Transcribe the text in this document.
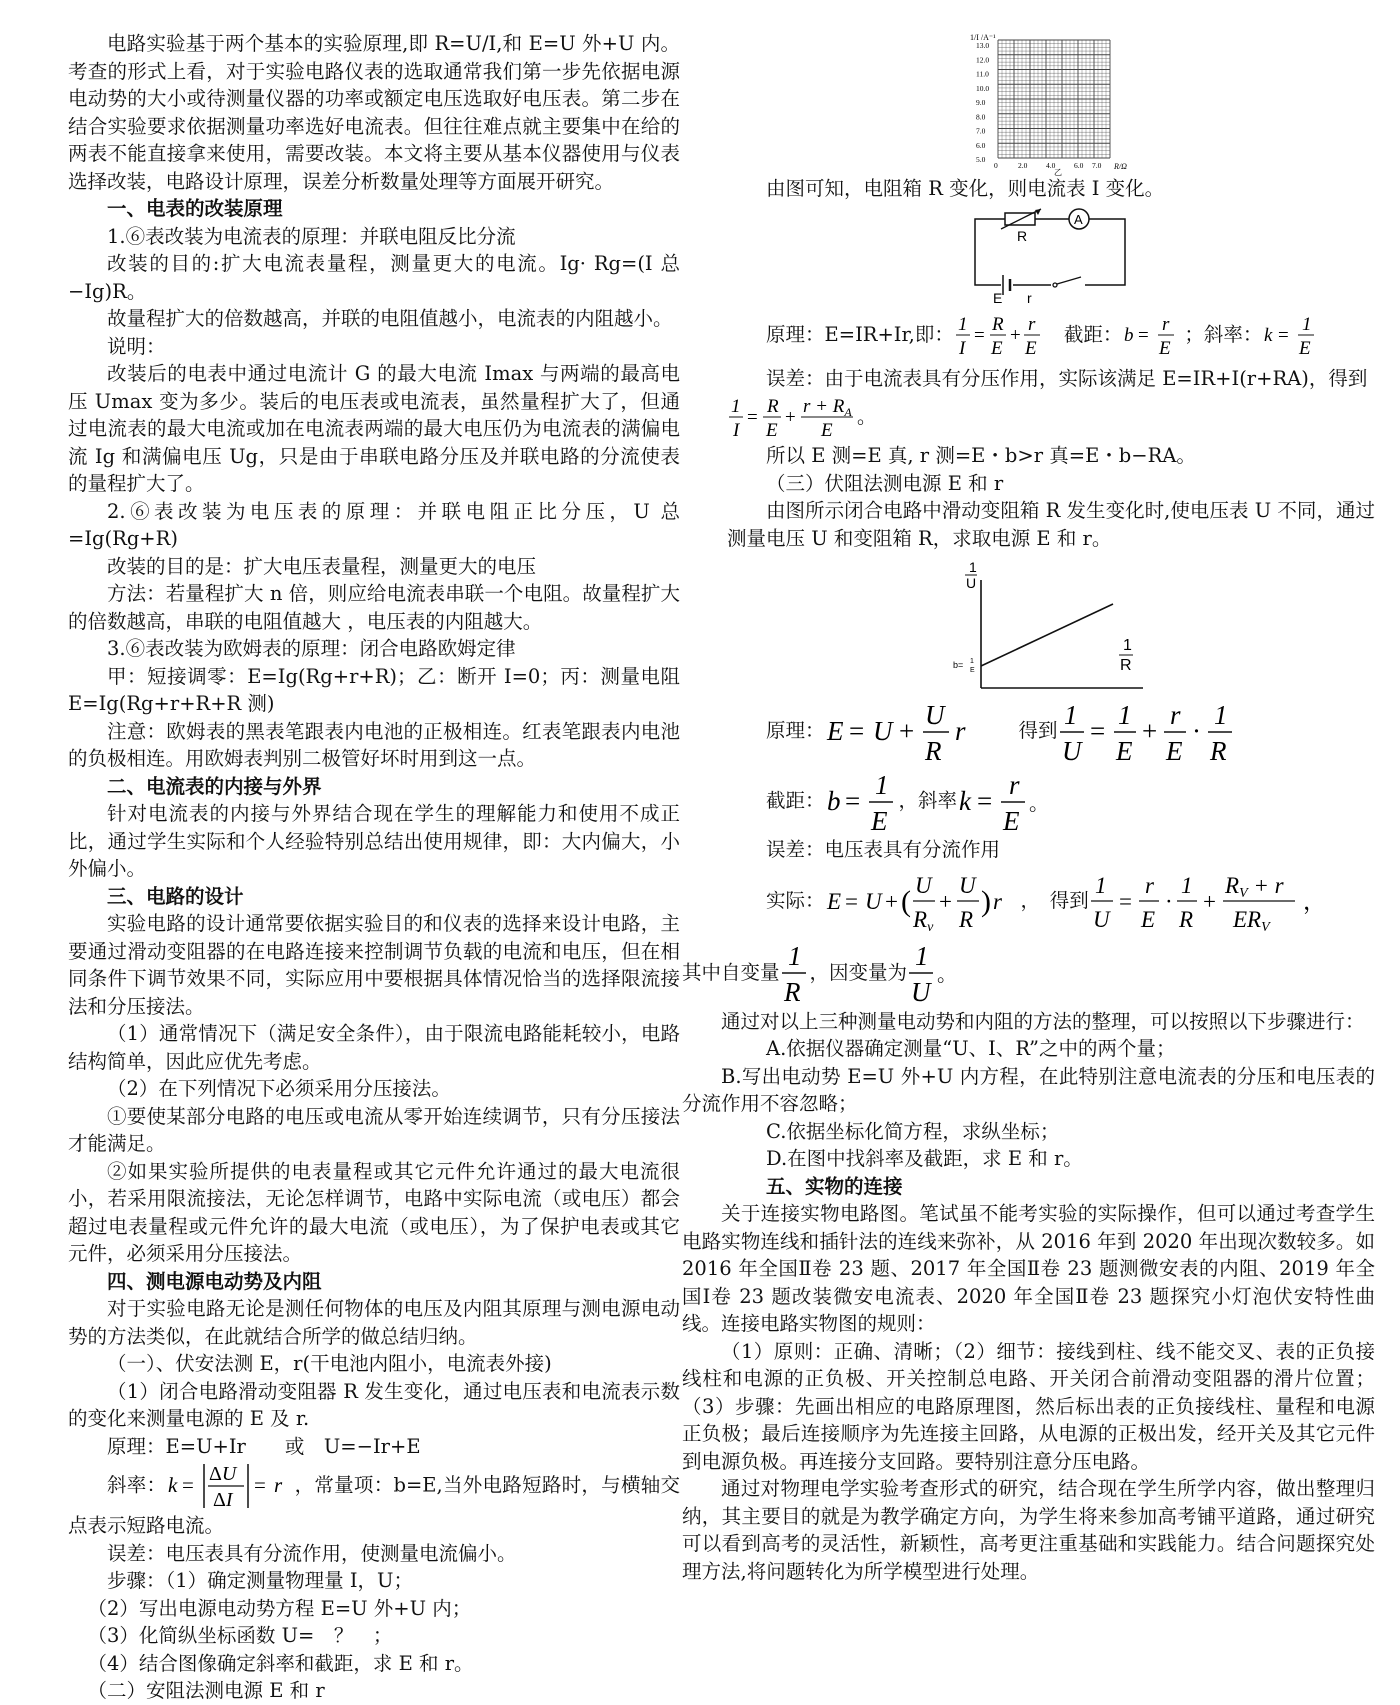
电路实验基于两个基本的实验原理,即 R=U/I,和 E=U 外+U 内。考查的形式上看，对于实验电路仪表的选取通常我们第一步先依据电源电动势的大小或待测量仪器的功率或额定电压选取好电压表。第二步在结合实验要求依据测量功率选好电流表。但往往难点就主要集中在给的两表不能直接拿来使用，需要改装。本文将主要从基本仪器使用与仪表选择改装，电路设计原理，误差分析数量处理等方面展开研究。

一、电表的改装原理

1.⑥表改装为电流表的原理：并联电阻反比分流

改装的目的:扩大电流表量程，测量更大的电流。Ig· Rg=(I 总−Ig)R。

故量程扩大的倍数越高，并联的电阻值越小，电流表的内阻越小。

说明：

改装后的电表中通过电流计 G 的最大电流 Imax 与两端的最高电压 Umax 变为多少。装后的电压表或电流表，虽然量程扩大了，但通过电流表的最大电流或加在电流表两端的最大电压仍为电流表的满偏电流 Ig 和满偏电压 Ug，只是由于串联电路分压及并联电路的分流使表的量程扩大了。

2.⑥表改装为电压表的原理：并联电阻正比分压，U 总=Ig(Rg+R)

改装的目的是：扩大电压表量程，测量更大的电压

方法：若量程扩大 n 倍，则应给电流表串联一个电阻。故量程扩大的倍数越高，串联的电阻值越大 ，电压表的内阻越大。

3.⑥表改装为欧姆表的原理：闭合电路欧姆定律

甲：短接调零：E=Ig(Rg+r+R)；乙：断开 I=0；丙：测量电阻 E=Ig(Rg+r+R+R 测)

注意：欧姆表的黑表笔跟表内电池的正极相连。红表笔跟表内电池的负极相连。用欧姆表判别二极管好坏时用到这一点。

二、电流表的内接与外界

针对电流表的内接与外界结合现在学生的理解能力和使用不成正比，通过学生实际和个人经验特别总结出使用规律，即：大内偏大，小外偏小。

三、电路的设计

实验电路的设计通常要依据实验目的和仪表的选择来设计电路，主要通过滑动变阻器的在电路连接来控制调节负载的电流和电压，但在相同条件下调节效果不同，实际应用中要根据具体情况恰当的选择限流接法和分压接法。

（1）通常情况下（满足安全条件），由于限流电路能耗较小，电路结构简单，因此应优先考虑。

（2）在下列情况下必须采用分压接法。

①要使某部分电路的电压或电流从零开始连续调节，只有分压接法才能满足。

②如果实验所提供的电表量程或其它元件允许通过的最大电流很小，若采用限流接法，无论怎样调节，电路中实际电流（或电压）都会超过电表量程或元件允许的最大电流（或电压），为了保护电表或其它元件，必须采用分压接法。

四、测电源电动势及内阻

对于实验电路无论是测任何物体的电压及内阻其原理与测电源电动势的方法类似，在此就结合所学的做总结归纳。

（一）、伏安法测 E，r(干电池内阻小，电流表外接)

（1）闭合电路滑动变阻器 R 发生变化，通过电压表和电流表示数的变化来测量电源的 E 及 r.

原理：E=U+Ir　　或　U=−Ir+E

斜率： k = ΔU
ΔI
= r ，常量项：b=E,当外电路短路时，与横轴交点表示短路电流。

误差：电压表具有分流作用，使测量电流偏小。

步骤：（1）确定测量物理量 I，U；

（2）写出电源电动势方程 E=U 外+U 内；

（3）化简纵坐标函数 U=　？　；

（4）结合图像确定斜率和截距，求 E 和 r。

（二）安阻法测电源 E 和 r

1/I /A⁻¹
13.0
12.0
11.0
10.0
9.0
8.0
7.0
6.0
5.0
0	2.0 4.0 6.0 7.0 R/Ω
乙

由图可知，电阻箱 R 变化，则电流表 I 变化。

R
A
E r

原理：E=IR+Ir,即： 1
I
=
R
E
+
r
E
截距： b =
r
E
；斜率： k =
1
E

误差：由于电流表具有分压作用，实际该满足 E=IR+I(r+RA)，得到

1
I
=
R
E
+
$r + R_A$
E
。

所以 E 测=E 真, r 测=E・b>r 真=E・b−RA。

（三）伏阻法测电源 E 和 r

由图所示闭合电路中滑动变阻箱 R 发生变化时,使电压表 U 不同，通过测量电压 U 和变阻箱 R，求取电源 E 和 r。

1
U
1
R
b= 1
E

原理： E = U +
U
R
r	得到
1
U
=
1
E
+
r
E
·
1
R

截距： b =
1
E
，斜率 k =
r
E
。

误差：电压表具有分流作用

实际： E = U + ( U
Rv
+
U
R
) r ，　得到
1
U
=
r
E
·
1
R
+
RV + r
ERV
，

其中自变量
1
R
，因变量为
1
U
。

通过对以上三种测量电动势和内阻的方法的整理，可以按照以下步骤进行：

A.依据仪器确定测量“U、I、R”之中的两个量；

B.写出电动势 E=U 外+U 内方程，在此特别注意电流表的分压和电压表的分流作用不容忽略；

C.依据坐标化简方程，求纵坐标；

D.在图中找斜率及截距，求 E 和 r。

五、实物的连接

关于连接实物电路图。笔试虽不能考实验的实际操作，但可以通过考查学生电路实物连线和插针法的连线来弥补，从 2016 年到 2020 年出现次数较多。如 2016 年全国Ⅱ卷 23 题、2017 年全国Ⅱ卷 23 题测微安表的内阻、2019 年全国Ⅰ卷 23 题改装微安电流表、2020 年全国Ⅱ卷 23 题探究小灯泡伏安特性曲线。连接电路实物图的规则：

（1）原则：正确、清晰；（2）细节：接线到柱、线不能交叉、表的正负接线柱和电源的正负极、开关控制总电路、开关闭合前滑动变阻器的滑片位置；（3）步骤：先画出相应的电路原理图，然后标出表的正负接线柱、量程和电源正负极；最后连接顺序为先连接主回路，从电源的正极出发，经开关及其它元件到电源负极。再连接分支回路。要特别注意分压电路。

通过对物理电学实验考查形式的研究，结合现在学生所学内容，做出整理归纳，其主要目的就是为教学确定方向，为学生将来参加高考铺平道路，通过研究可以看到高考的灵活性，新颖性，高考更注重基础和实践能力。结合问题探究处理方法,将问题转化为所学模型进行处理。
